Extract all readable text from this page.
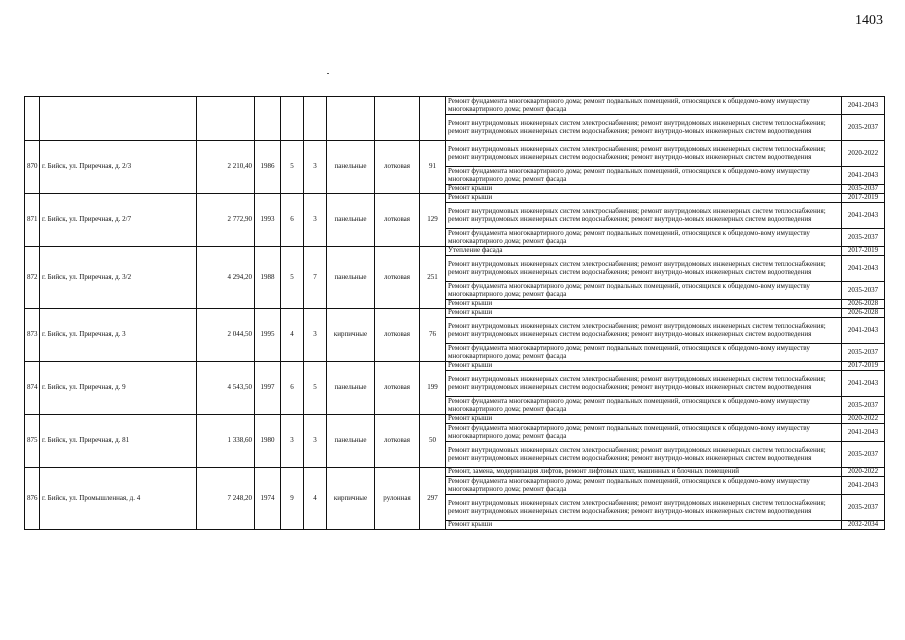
1403
									Ремонт фундамента многоквартирного дома; ремонт подвальных помещений, относящихся к общедомо-вому имуществу многоквартирного дома; ремонт фасада	2041-2043
									Ремонт внутридомовых инженерных систем электроснабжения; ремонт внутридомовых инженерных систем теплоснабжения; ремонт внутридомовых инженерных систем водоснабжения; ремонт внутридо-мовых инженерных систем водоотведения	2035-2037
870	г. Бийск, ул. Приречная, д. 2/3	2 210,40	1986	5	3	панельные	лотковая	91	Ремонт внутридомовых инженерных систем электроснабжения; ремонт внутридомовых инженерных систем теплоснабжения; ремонт внутридомовых инженерных систем водоснабжения; ремонт внутридо-мовых инженерных систем водоотведения	2020-2022
									Ремонт фундамента многоквартирного дома; ремонт подвальных помещений, относящихся к общедомо-вому имуществу многоквартирного дома; ремонт фасада	2041-2043
									Ремонт крыши	2035-2037
871	г. Бийск, ул. Приречная, д. 2/7	2 772,90	1993	6	3	панельные	лотковая	129	Ремонт крыши	2017-2019
									Ремонт внутридомовых инженерных систем электроснабжения; ремонт внутридомовых инженерных систем теплоснабжения; ремонт внутридомовых инженерных систем водоснабжения; ремонт внутридо-мовых инженерных систем водоотведения	2041-2043
									Ремонт фундамента многоквартирного дома; ремонт подвальных помещений, относящихся к общедомо-вому имуществу многоквартирного дома; ремонт фасада	2035-2037
872	г. Бийск, ул. Приречная, д. 3/2	4 294,20	1988	5	7	панельные	лотковая	251	Утепление фасада	2017-2019
									Ремонт внутридомовых инженерных систем электроснабжения; ремонт внутридомовых инженерных систем теплоснабжения; ремонт внутридомовых инженерных систем водоснабжения; ремонт внутридо-мовых инженерных систем водоотведения	2041-2043
									Ремонт фундамента многоквартирного дома; ремонт подвальных помещений, относящихся к общедомо-вому имуществу многоквартирного дома; ремонт фасада	2035-2037
									Ремонт крыши	2026-2028
873	г. Бийск, ул. Приречная, д. 3	2 044,50	1995	4	3	кирпичные	лотковая	76	Ремонт крыши	2026-2028
									Ремонт внутридомовых инженерных систем электроснабжения; ремонт внутридомовых инженерных систем теплоснабжения; ремонт внутридомовых инженерных систем водоснабжения; ремонт внутридо-мовых инженерных систем водоотведения	2041-2043
									Ремонт фундамента многоквартирного дома; ремонт подвальных помещений, относящихся к общедомо-вому имуществу многоквартирного дома; ремонт фасада	2035-2037
874	г. Бийск, ул. Приречная, д. 9	4 543,50	1997	6	5	панельные	лотковая	199	Ремонт крыши	2017-2019
									Ремонт внутридомовых инженерных систем электроснабжения; ремонт внутридомовых инженерных систем теплоснабжения; ремонт внутридомовых инженерных систем водоснабжения; ремонт внутридо-мовых инженерных систем водоотведения	2041-2043
									Ремонт фундамента многоквартирного дома; ремонт подвальных помещений, относящихся к общедомо-вому имуществу многоквартирного дома; ремонт фасада	2035-2037
875	г. Бийск, ул. Приречная, д. 81	1 338,60	1980	3	3	панельные	лотковая	50	Ремонт крыши	2020-2022
									Ремонт фундамента многоквартирного дома; ремонт подвальных помещений, относящихся к общедомо-вому имуществу многоквартирного дома; ремонт фасада	2041-2043
									Ремонт внутридомовых инженерных систем электроснабжения; ремонт внутридомовых инженерных систем теплоснабжения; ремонт внутридомовых инженерных систем водоснабжения; ремонт внутридо-мовых инженерных систем водоотведения	2035-2037
876	г. Бийск, ул. Промышленная, д. 4	7 248,20	1974	9	4	кирпичные	рулонная	297	Ремонт, замена, модернизация лифтов, ремонт лифтовых шахт, машинных и блочных помещений	2020-2022
									Ремонт фундамента многоквартирного дома; ремонт подвальных помещений, относящихся к общедомо-вому имуществу многоквартирного дома; ремонт фасада	2041-2043
									Ремонт внутридомовых инженерных систем электроснабжения; ремонт внутридомовых инженерных систем теплоснабжения; ремонт внутридомовых инженерных систем водоснабжения; ремонт внутридо-мовых инженерных систем водоотведения	2035-2037
									Ремонт крыши	2032-2034
